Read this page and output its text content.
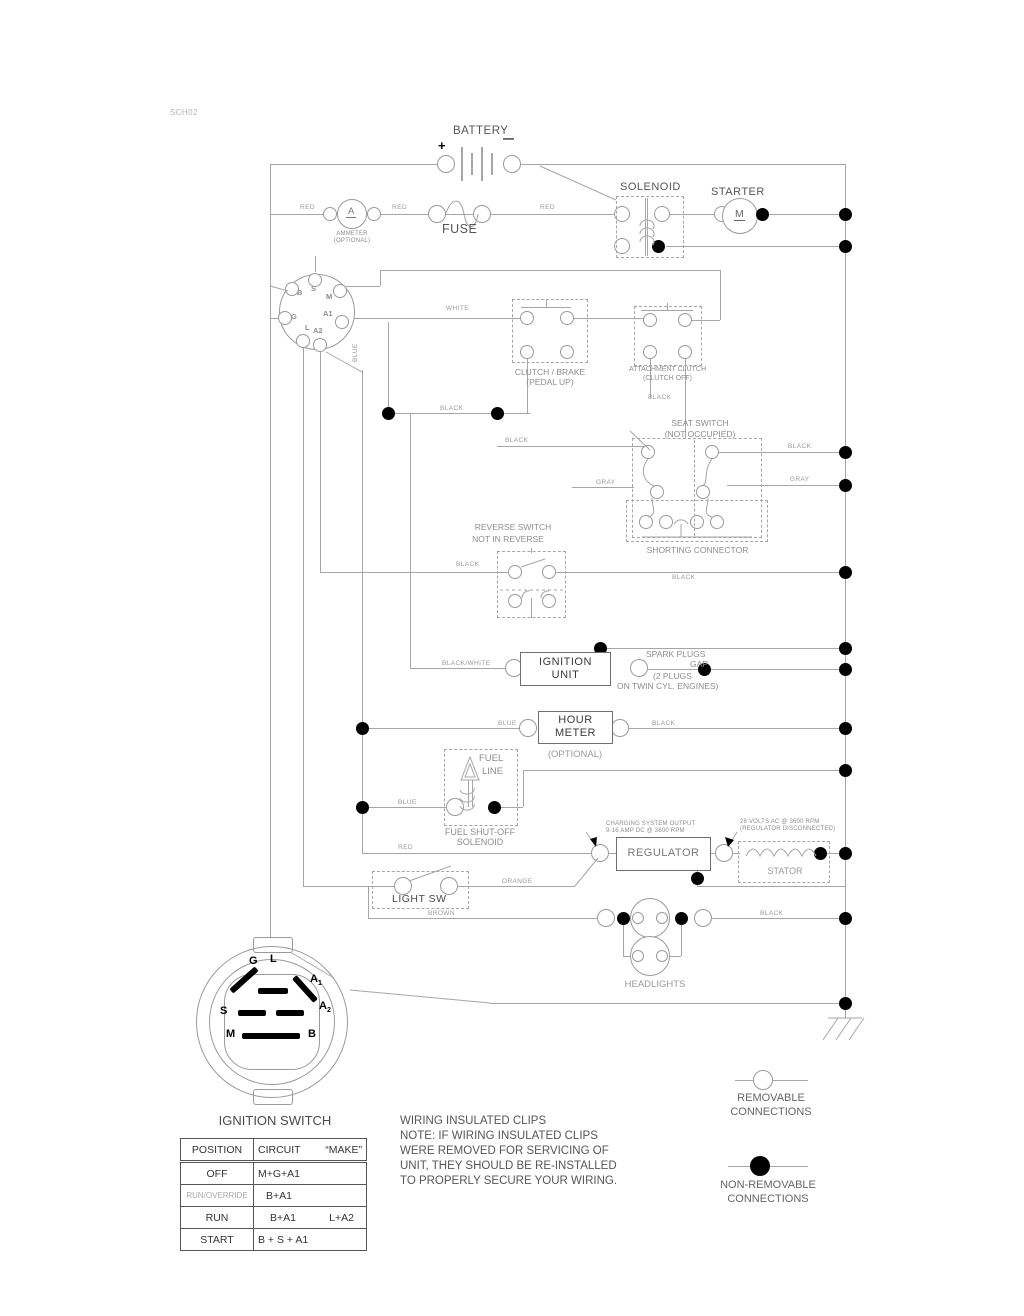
SCH02
BATTERY
+	—
RED	RED	RED
A
AMMETER
(OPTIONAL)
FUSE
SOLENOID	STARTER
M
B S
M
G	A1
L A2
BLUE
WHITE
CLUTCH / BRAKE
(PEDAL UP)
ATTACHMENT CLUTCH
(CLUTCH OFF)
BLACK
BLACK
SEAT SWITCH
(NOT OCCUPIED)
SHORTING CONNECTOR
BLACK
GRAY
BLACK
GRAY
REVERSE SWITCH
NOT IN REVERSE
BLACK
BLACK
BLACK/WHITE	IGNITION
UNIT
SPARK PLUGS
GAP
(2 PLUGS
ON TWIN CYL. ENGINES)
BLUE	HOUR
METER
BLACK
(OPTIONAL)
FUEL
LINE
FUEL SHUT-OFF
SOLENOID
BLUE
RED
CHARGING SYSTEM OUTPUT
9-16 AMP DC @ 3600 RPM
28 VOLTS AC @ 3600 RPM
(REGULATOR DISCONNECTED)
REGULATOR
STATOR
LIGHT SW
ORANGE
BROWN	BLACK
HEADLIGHTS
G L
$A_1$
$A_2$
S
M	B
IGNITION SWITCH
POSITION	CIRCUIT “MAKE”

OFF	M+G+A1
RUN/OVERRIDE	B+A1
RUN	B+A1 L+A2

START	B + S + A1
WIRING INSULATED CLIPS
NOTE: IF WIRING INSULATED CLIPS
WERE REMOVED FOR SERVICING OF
UNIT, THEY SHOULD BE RE-INSTALLED
TO PROPERLY SECURE YOUR WIRING.
REMOVABLE
CONNECTIONS
NON-REMOVABLE
CONNECTIONS
